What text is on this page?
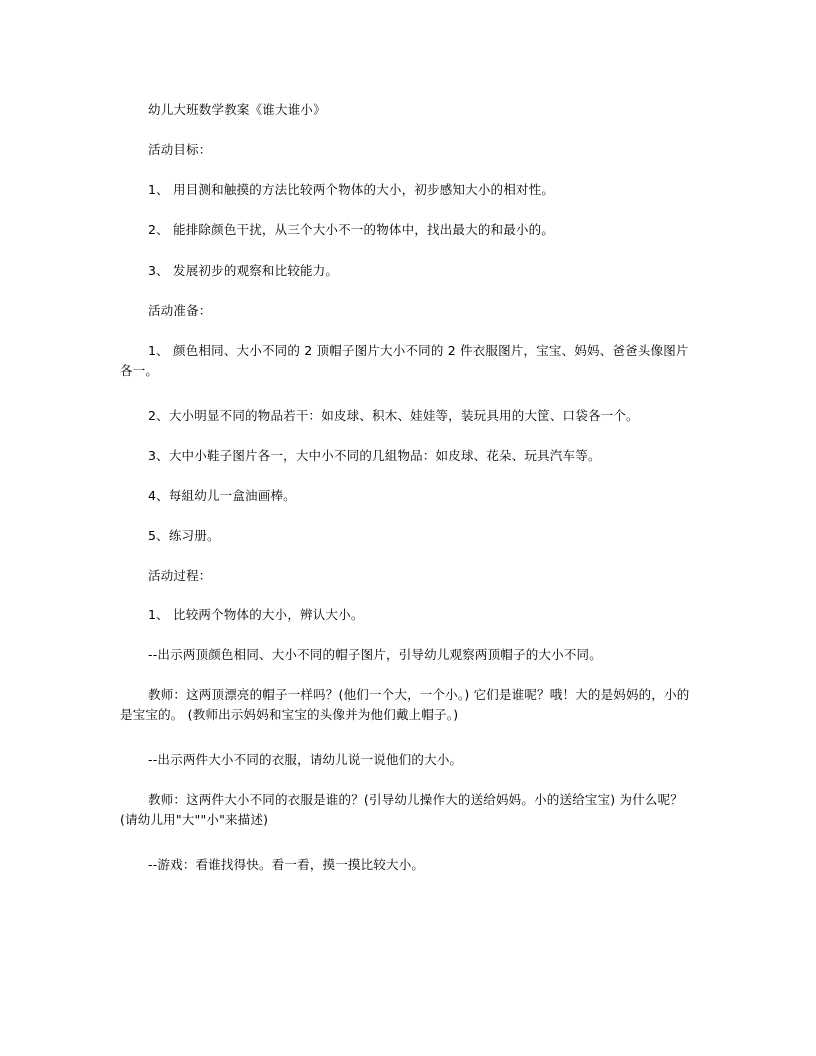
幼儿大班数学教案《谁大谁小》
活动目标：
1、 用目测和触摸的方法比较两个物体的大小，初步感知大小的相对性。
2、 能排除颜色干扰，从三个大小不一的物体中，找出最大的和最小的。
3、 发展初步的观察和比较能力。
活动准备：
1、 颜色相同、大小不同的 2 顶帽子图片大小不同的 2 件衣服图片，宝宝、妈妈、爸爸头像图片各一。
2、大小明显不同的物品若干：如皮球、积木、娃娃等，装玩具用的大筐、口袋各一个。
3、大中小鞋子图片各一，大中小不同的几組物品：如皮球、花朵、玩具汽车等。
4、每組幼儿一盒油画棒。
5、练习册。
活动过程：
1、 比较两个物体的大小，辨认大小。
--出示两顶颜色相同、大小不同的帽子图片，引导幼儿观察两顶帽子的大小不同。
教师：这两顶漂亮的帽子一样吗？(他们一个大，一个小。) 它们是谁呢？哦！大的是妈妈的，小的是宝宝的。 (教师出示妈妈和宝宝的头像并为他们戴上帽子。)
--出示两件大小不同的衣服，请幼儿说一说他们的大小。
教师：这两件大小不同的衣服是谁的？(引导幼儿操作大的送给妈妈。小的送给宝宝) 为什么呢？(请幼儿用"大""小"来描述)
--游戏：看谁找得快。看一看，摸一摸比较大小。
